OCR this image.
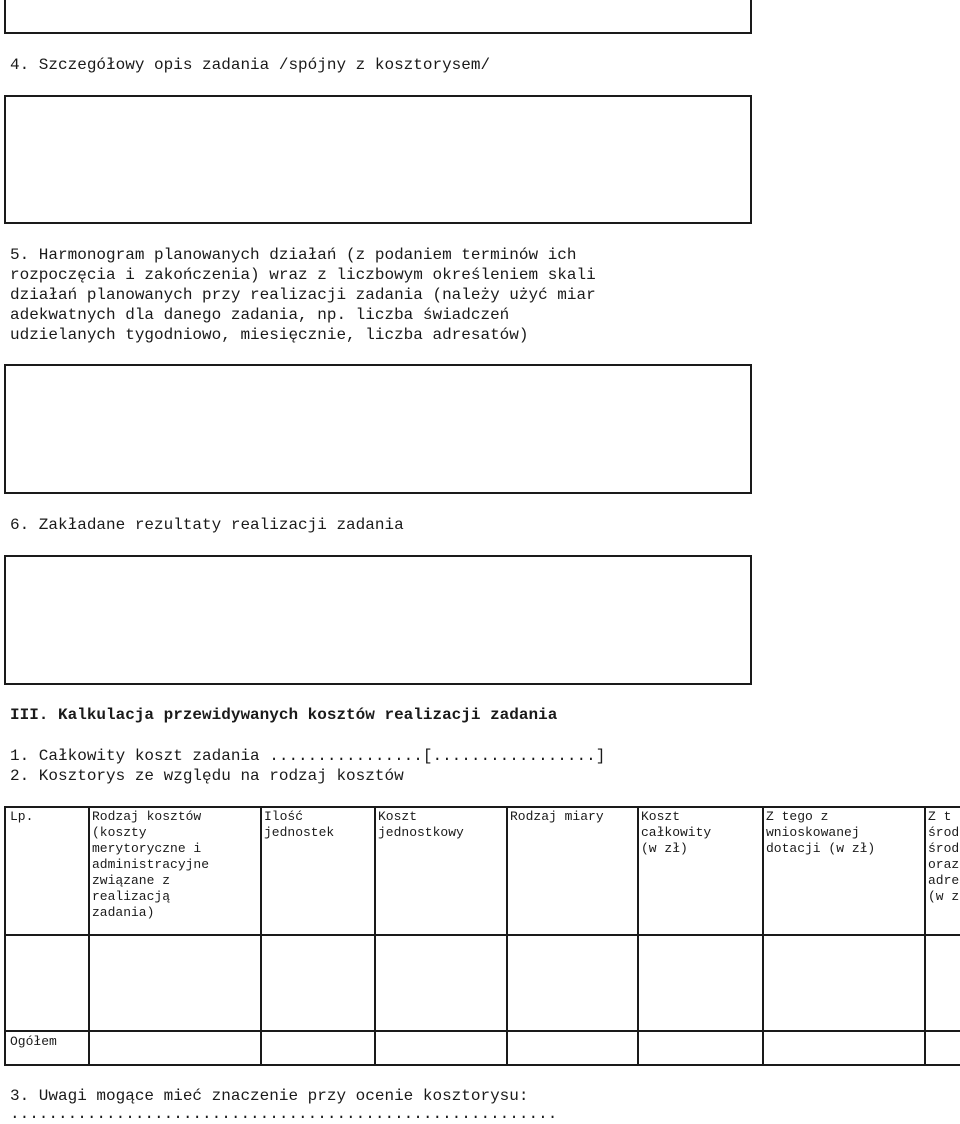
4. Szczegółowy opis zadania /spójny z kosztorysem/
5. Harmonogram planowanych działań (z podaniem terminów ich
rozpoczęcia i zakończenia) wraz z liczbowym określeniem skali
działań planowanych przy realizacji zadania (należy użyć miar
adekwatnych dla danego zadania, np. liczba świadczeń
udzielanych tygodniowo, miesięcznie, liczba adresatów)
6. Zakładane rezultaty realizacji zadania
III. Kalkulacja przewidywanych kosztów realizacji zadania
1. Całkowity koszt zadania ................[.................]
2. Kosztorys ze względu na rodzaj kosztów
Lp.	Rodzaj kosztów
(koszty
merytoryczne i
administracyjne
związane z
realizacją
zadania)
Ilość
jednostek
Koszt
jednostkowy
Rodzaj miary	Koszt
całkowity
(w zł)
Z tego z
wnioskowanej
dotacji (w zł)
Z t
środ
środ
oraz
adre
(w z
Ogółem
3. Uwagi mogące mieć znaczenie przy ocenie kosztorysu:
.........................................................
